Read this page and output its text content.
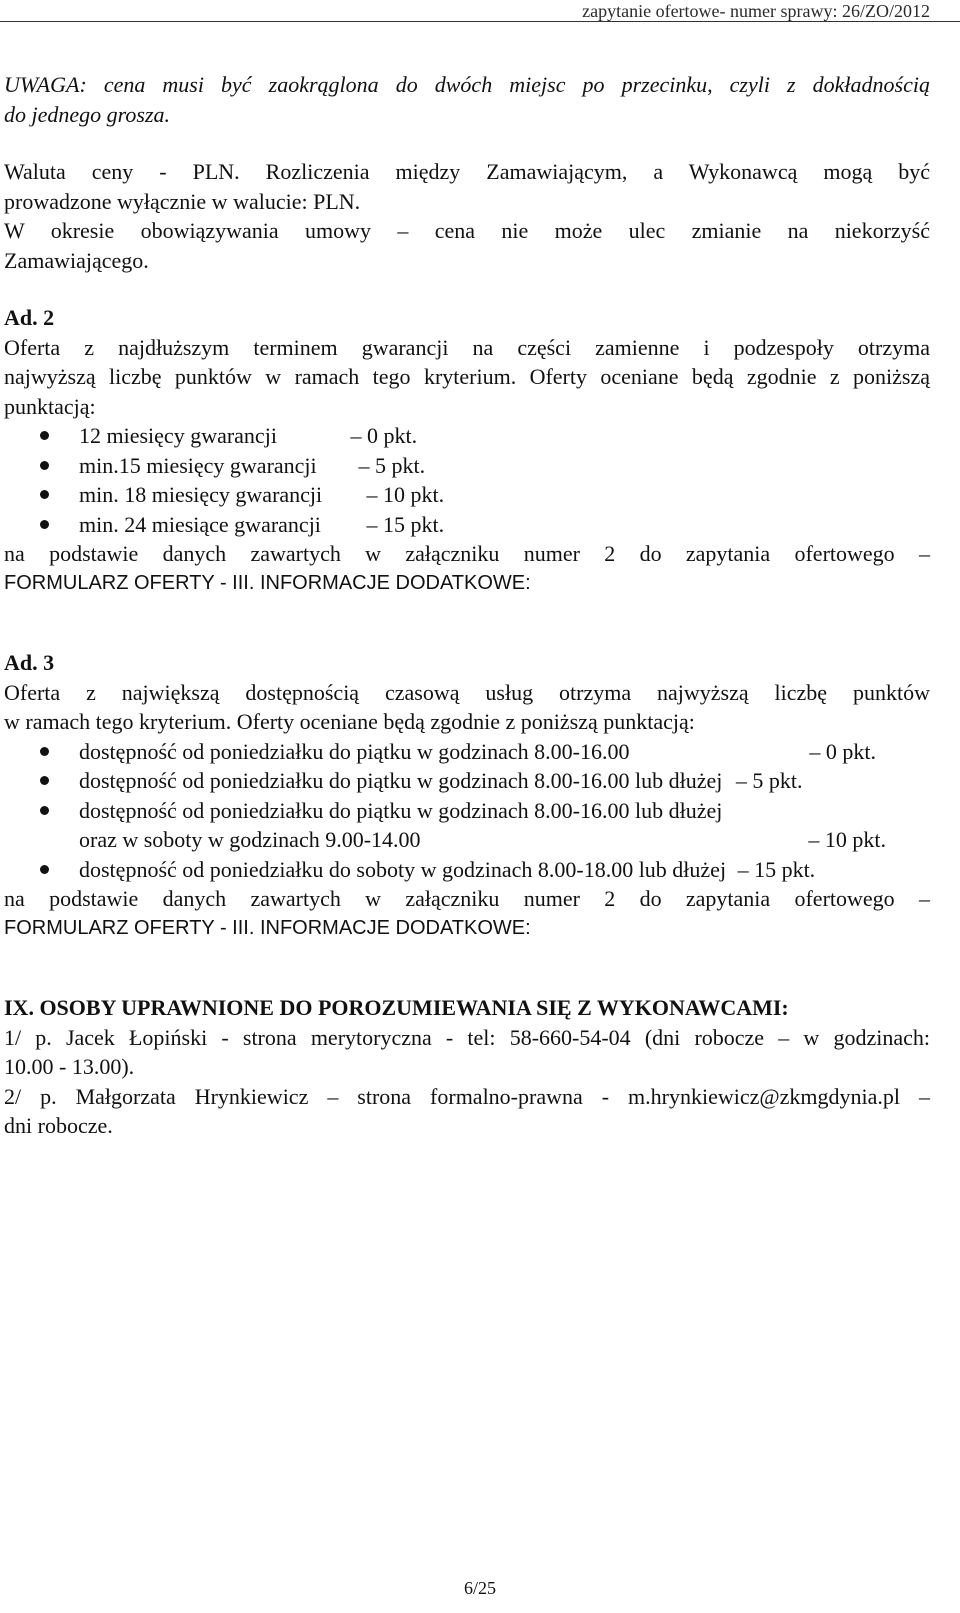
zapytanie ofertowe- numer sprawy: 26/ZO/2012
UWAGA: cena musi być zaokrąglona do dwóch miejsc po przecinku, czyli z dokładnością
do jednego grosza.
Waluta ceny - PLN. Rozliczenia między Zamawiającym, a Wykonawcą mogą być
prowadzone wyłącznie w walucie: PLN.
W okresie obowiązywania umowy – cena nie może ulec zmianie na niekorzyść
Zamawiającego.
Ad. 2
Oferta z najdłuższym terminem gwarancji na części zamienne i podzespoły otrzyma
najwyższą liczbę punktów w ramach tego kryterium. Oferty oceniane będą zgodnie z poniższą
punktacją:
12 miesięcy gwarancji	– 0 pkt.
min.15 miesięcy gwarancji – 5 pkt.
min. 18 miesięcy gwarancji – 10 pkt.
min. 24 miesiące gwarancji – 15 pkt.
na podstawie danych zawartych w załączniku numer 2 do zapytania ofertowego –
FORMULARZ OFERTY - III. INFORMACJE DODATKOWE:
Ad. 3
Oferta z największą dostępnością czasową usług otrzyma najwyższą liczbę punktów
w ramach tego kryterium. Oferty oceniane będą zgodnie z poniższą punktacją:
dostępność od poniedziałku do piątku w godzinach 8.00-16.00	– 0 pkt.
dostępność od poniedziałku do piątku w godzinach 8.00-16.00 lub dłużej – 5 pkt.
dostępność od poniedziałku do piątku w godzinach 8.00-16.00 lub dłużej
oraz w soboty w godzinach 9.00-14.00	– 10 pkt.
dostępność od poniedziałku do soboty w godzinach 8.00-18.00 lub dłużej – 15 pkt.
na podstawie danych zawartych w załączniku numer 2 do zapytania ofertowego –
FORMULARZ OFERTY - III. INFORMACJE DODATKOWE:
IX. OSOBY UPRAWNIONE DO POROZUMIEWANIA SIĘ Z WYKONAWCAMI:
1/ p. Jacek Łopiński - strona merytoryczna - tel: 58-660-54-04 (dni robocze – w godzinach:
10.00 - 13.00).
2/ p. Małgorzata Hrynkiewicz – strona formalno-prawna - m.hrynkiewicz@zkmgdynia.pl –
dni robocze.
6/25
